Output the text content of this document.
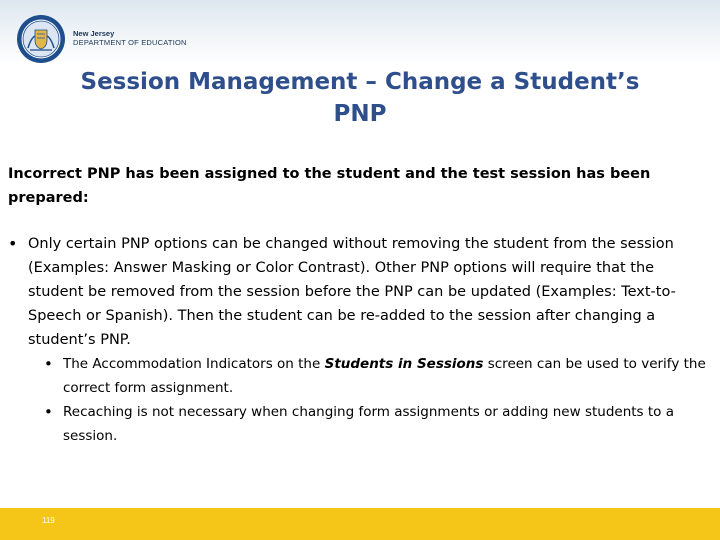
New Jersey
DEPARTMENT OF EDUCATION
Session Management – Change a Student’s
PNP
Incorrect PNP has been assigned to the student and the test session has been prepared:
• Only certain PNP options can be changed without removing the student from the session (Examples: Answer Masking or Color Contrast). Other PNP options will require that the student be removed from the session before the PNP can be updated (Examples: Text-to-Speech or Spanish). Then the student can be re-added to the session after changing a student’s PNP.
• The Accommodation Indicators on the Students in Sessions screen can be used to verify the correct form assignment.
• Recaching is not necessary when changing form assignments or adding new students to a session.
119
